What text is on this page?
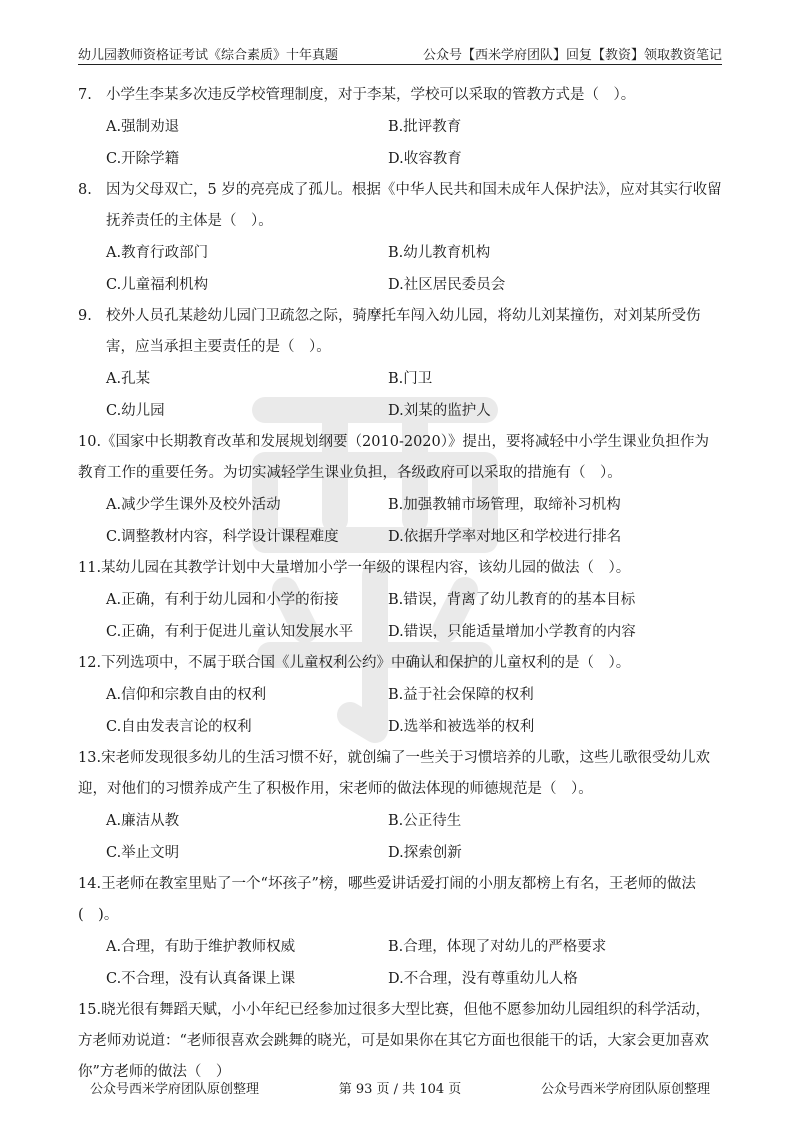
幼儿园教师资格证考试《综合素质》十年真题	公众号【西米学府团队】回复【教资】领取教资笔记
7. 小学生李某多次违反学校管理制度，对于李某，学校可以采取的管教方式是（　）。
A.强制劝退	B.批评教育
C.开除学籍	D.收容教育
8. 因为父母双亡，5 岁的亮亮成了孤儿。根据《中华人民共和国未成年人保护法》，应对其实行收留抚养责任的主体是（　）。
A.教育行政部门	B.幼儿教育机构
C.儿童福利机构	D.社区居民委员会
9. 校外人员孔某趁幼儿园门卫疏忽之际，骑摩托车闯入幼儿园，将幼儿刘某撞伤，对刘某所受伤害，应当承担主要责任的是（　）。
A.孔某	B.门卫
C.幼儿园	D.刘某的监护人
10.《国家中长期教育改革和发展规划纲要（2010-2020）》提出，要将减轻中小学生课业负担作为教育工作的重要任务。为切实减轻学生课业负担，各级政府可以采取的措施有（　）。
A.减少学生课外及校外活动	B.加强教辅市场管理，取缔补习机构
C.调整教材内容，科学设计课程难度	D.依据升学率对地区和学校进行排名
11.某幼儿园在其教学计划中大量增加小学一年级的课程内容，该幼儿园的做法（　）。
A.正确，有利于幼儿园和小学的衔接	B.错误，背离了幼儿教育的的基本目标
C.正确，有利于促进儿童认知发展水平	D.错误，只能适量增加小学教育的内容
12.下列选项中，不属于联合国《儿童权利公约》中确认和保护的儿童权利的是（　）。
A.信仰和宗教自由的权利	B.益于社会保障的权利
C.自由发表言论的权利	D.选举和被选举的权利
13.宋老师发现很多幼儿的生活习惯不好，就创编了一些关于习惯培养的儿歌，这些儿歌很受幼儿欢迎，对他们的习惯养成产生了积极作用，宋老师的做法体现的师德规范是（　）。
A.廉洁从教	B.公正待生
C.举止文明	D.探索创新
14.王老师在教室里贴了一个“坏孩子”榜，哪些爱讲话爱打闹的小朋友都榜上有名，王老师的做法(　)。
A.合理，有助于维护教师权威	B.合理，体现了对幼儿的严格要求
C.不合理，没有认真备课上课	D.不合理，没有尊重幼儿人格
15.晓光很有舞蹈天赋，小小年纪已经参加过很多大型比赛，但他不愿参加幼儿园组织的科学活动，方老师劝说道：“老师很喜欢会跳舞的晓光，可是如果你在其它方面也很能干的话，大家会更加喜欢你”方老师的做法（　）
公众号西米学府团队原创整理	第 93 页 / 共 104 页	公众号西米学府团队原创整理
